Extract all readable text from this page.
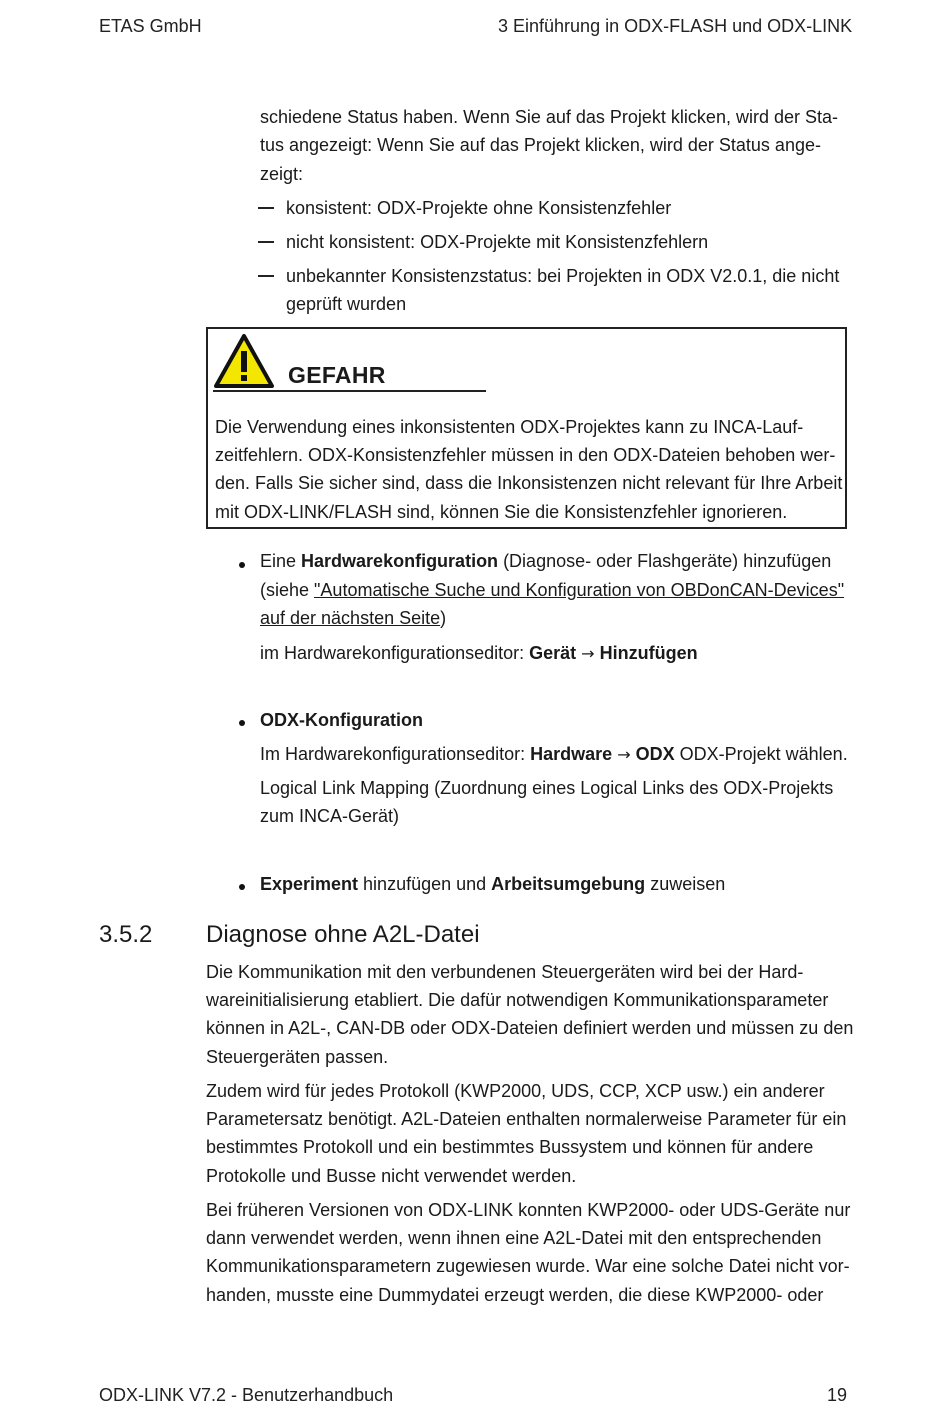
ETAS GmbH	3 Einführung in ODX-FLASH und ODX-LINK
schiedene Status haben. Wenn Sie auf das Projekt klicken, wird der Sta-
tus angezeigt: Wenn Sie auf das Projekt klicken, wird der Status ange-
zeigt:
konsistent: ODX-Projekte ohne Konsistenzfehler
nicht konsistent: ODX-Projekte mit Konsistenzfehlern
unbekannter Konsistenzstatus: bei Projekten in ODX V2.0.1, die nicht
geprüft wurden
GEFAHR
Die Verwendung eines inkonsistenten ODX-Projektes kann zu INCA-Lauf-
zeitfehlern. ODX-Konsistenzfehler müssen in den ODX-Dateien behoben wer-
den. Falls Sie sicher sind, dass die Inkonsistenzen nicht relevant für Ihre Arbeit
mit ODX-LINK/FLASH sind, können Sie die Konsistenzfehler ignorieren.
Eine Hardwarekonfiguration (Diagnose- oder Flashgeräte) hinzufügen
(siehe "Automatische Suche und Konfiguration von OBDonCAN-Devices"
auf der nächsten Seite)
im Hardwarekonfigurationseditor: Gerät → Hinzufügen
ODX-Konfiguration
Im Hardwarekonfigurationseditor: Hardware → ODX ODX-Projekt wählen.
Logical Link Mapping (Zuordnung eines Logical Links des ODX-Projekts
zum INCA-Gerät)
Experiment hinzufügen und Arbeitsumgebung zuweisen
3.5.2 Diagnose ohne A2L-Datei
Die Kommunikation mit den verbundenen Steuergeräten wird bei der Hard-
wareinitialisierung etabliert. Die dafür notwendigen Kommunikationsparameter
können in A2L-, CAN-DB oder ODX-Dateien definiert werden und müssen zu den
Steuergeräten passen.
Zudem wird für jedes Protokoll (KWP2000, UDS, CCP, XCP usw.) ein anderer
Parametersatz benötigt. A2L-Dateien enthalten normalerweise Parameter für ein
bestimmtes Protokoll und ein bestimmtes Bussystem und können für andere
Protokolle und Busse nicht verwendet werden.
Bei früheren Versionen von ODX-LINK konnten KWP2000- oder UDS-Geräte nur
dann verwendet werden, wenn ihnen eine A2L-Datei mit den entsprechenden
Kommunikationsparametern zugewiesen wurde. War eine solche Datei nicht vor-
handen, musste eine Dummydatei erzeugt werden, die diese KWP2000- oder
ODX-LINK V7.2 - Benutzerhandbuch	19
